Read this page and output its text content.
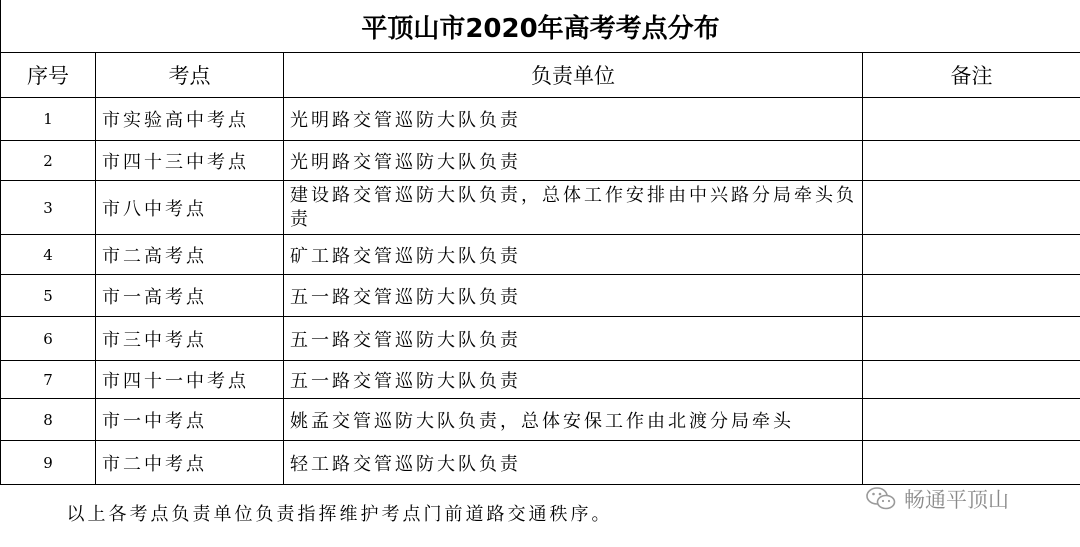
平顶山市2020年高考考点分布			
序号	考点	负责单位	备注
1	市实验高中考点	光明路交管巡防大队负责	
2	市四十三中考点	光明路交管巡防大队负责	
3	市八中考点	建设路交管巡防大队负责，总体工作安排由中兴路分局牵头负责	
4	市二高考点	矿工路交管巡防大队负责	
5	市一高考点	五一路交管巡防大队负责	
6	市三中考点	五一路交管巡防大队负责	
7	市四十一中考点	五一路交管巡防大队负责	
8	市一中考点	姚孟交管巡防大队负责，总体安保工作由北渡分局牵头	
9	市二中考点	轻工路交管巡防大队负责	
以上各考点负责单位负责指挥维护考点门前道路交通秩序。			
畅通平顶山
